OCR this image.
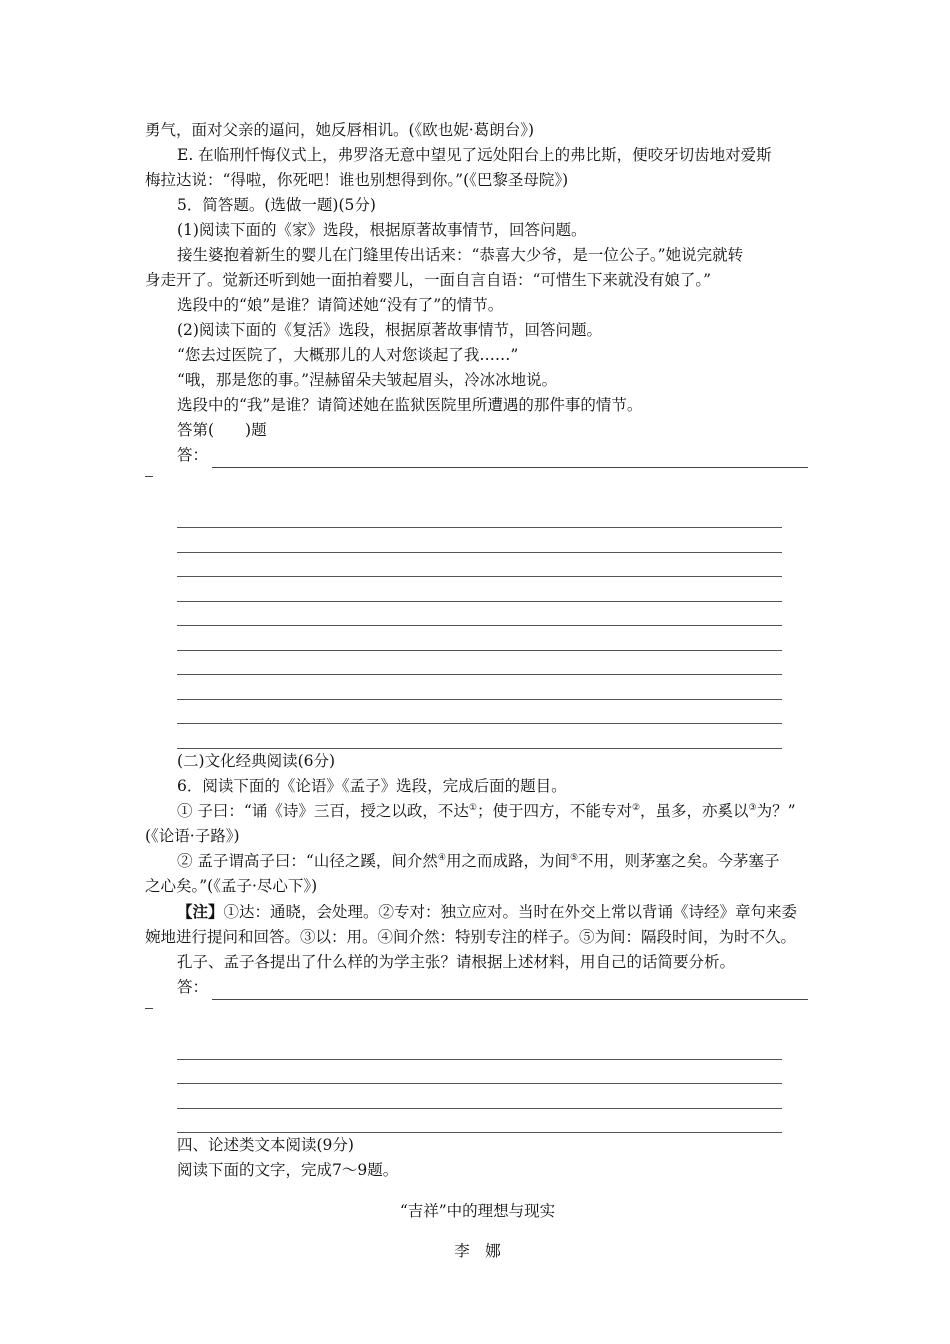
勇气，面对父亲的逼问，她反唇相讥。(《欧也妮·葛朗台》)

E. 在临刑忏悔仪式上，弗罗洛无意中望见了远处阳台上的弗比斯，便咬牙切齿地对爱斯

梅拉达说：“得啦，你死吧！谁也别想得到你。”(《巴黎圣母院》)

5．简答题。(选做一题)(5分)

(1)阅读下面的《家》选段，根据原著故事情节，回答问题。

接生婆抱着新生的婴儿在门缝里传出话来：“恭喜大少爷，是一位公子。”她说完就转

身走开了。觉新还听到她一面拍着婴儿，一面自言自语：“可惜生下来就没有娘了。”

选段中的“娘”是谁？请简述她“没有了”的情节。

(2)阅读下面的《复活》选段，根据原著故事情节，回答问题。

“您去过医院了，大概那儿的人对您谈起了我……”

“哦，那是您的事。”涅赫留朵夫皱起眉头，冷冰冰地说。

选段中的“我”是谁？请简述她在监狱医院里所遭遇的那件事的情节。

答第(　　)题

答：

(二)文化经典阅读(6分)

6．阅读下面的《论语》《孟子》选段，完成后面的题目。

① 子曰：“诵《诗》三百，授之以政，不达①；使于四方，不能专对②，虽多，亦奚以③为？”

(《论语·子路》)

② 孟子谓高子曰：“山径之蹊，间介然④用之而成路，为间⑤不用，则茅塞之矣。今茅塞子

之心矣。”(《孟子·尽心下》)

【注】①达：通晓，会处理。②专对：独立应对。当时在外交上常以背诵《诗经》章句来委

婉地进行提问和回答。③以：用。④间介然：特别专注的样子。⑤为间：隔段时间，为时不久。

孔子、孟子各提出了什么样的为学主张？请根据上述材料，用自己的话简要分析。

答：

四、论述类文本阅读(9分)

阅读下面的文字，完成7～9题。

“吉祥”中的理想与现实

李　娜
